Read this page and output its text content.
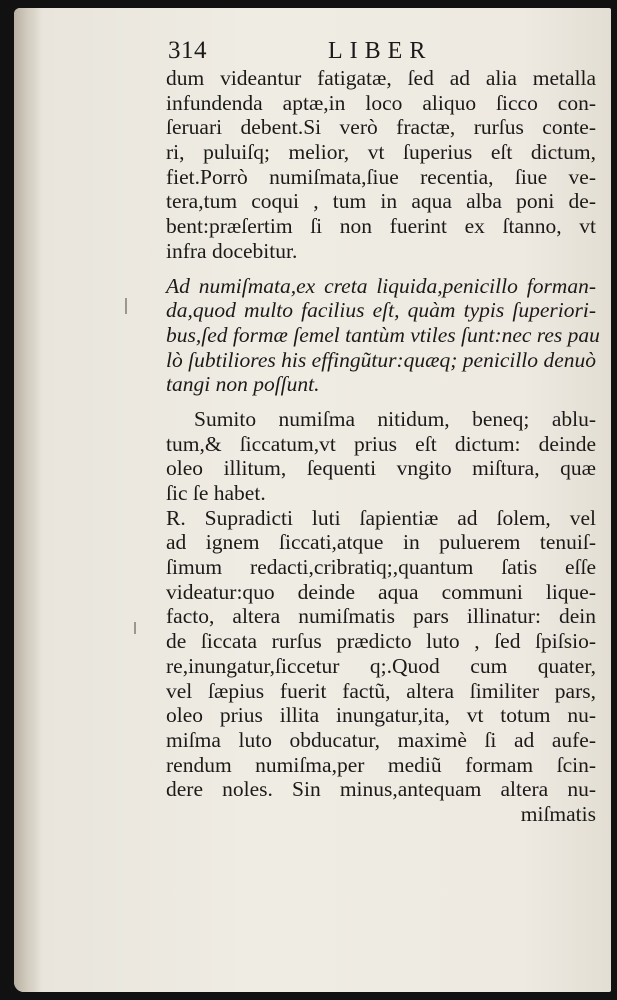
314	LIBER

dum videantur fatigatæ, ſed ad alia metalla
infundenda aptæ,in loco aliquo ſicco con-
ſeruari debent.Si verò fractæ, rurſus conte-
ri, puluiſq; melior, vt ſuperius eſt dictum,
fiet.Porrò numiſmata,ſiue recentia, ſiue ve-
tera,tum coqui , tum in aqua alba poni de-
bent:præſertim ſi non fuerint ex ſtanno, vt
infra docebitur.

Ad numiſmata,ex creta liquida,penicillo forman-
da,quod multo facilius eſt, quàm typis ſuperiori-
bus,ſed formæ ſemel tantùm vtiles ſunt:nec res pau
lò ſubtiliores his effingũtur:quæq; penicillo denuò
tangi non poſſunt.

Sumito numiſma nitidum, beneq; ablu-
tum,& ſiccatum,vt prius eſt dictum: deinde
oleo illitum, ſequenti vngito miſtura, quæ
ſic ſe habet.
R. Supradicti luti ſapientiæ ad ſolem, vel
ad ignem ſiccati,atque in puluerem tenuiſ-
ſimum redacti,cribratiq;,quantum ſatis eſſe
videatur:quo deinde aqua communi lique-
facto, altera numiſmatis pars illinatur: dein
de ſiccata rurſus prædicto luto , ſed ſpiſsio-
re,inungatur,ſiccetur q;.Quod cum quater,
vel ſæpius fuerit factũ, altera ſimiliter pars,
oleo prius illita inungatur,ita, vt totum nu-
miſma luto obducatur, maximè ſi ad aufe-
rendum numiſma,per mediũ formam ſcin-
dere noles. Sin minus,antequam altera nu-

miſmatis
